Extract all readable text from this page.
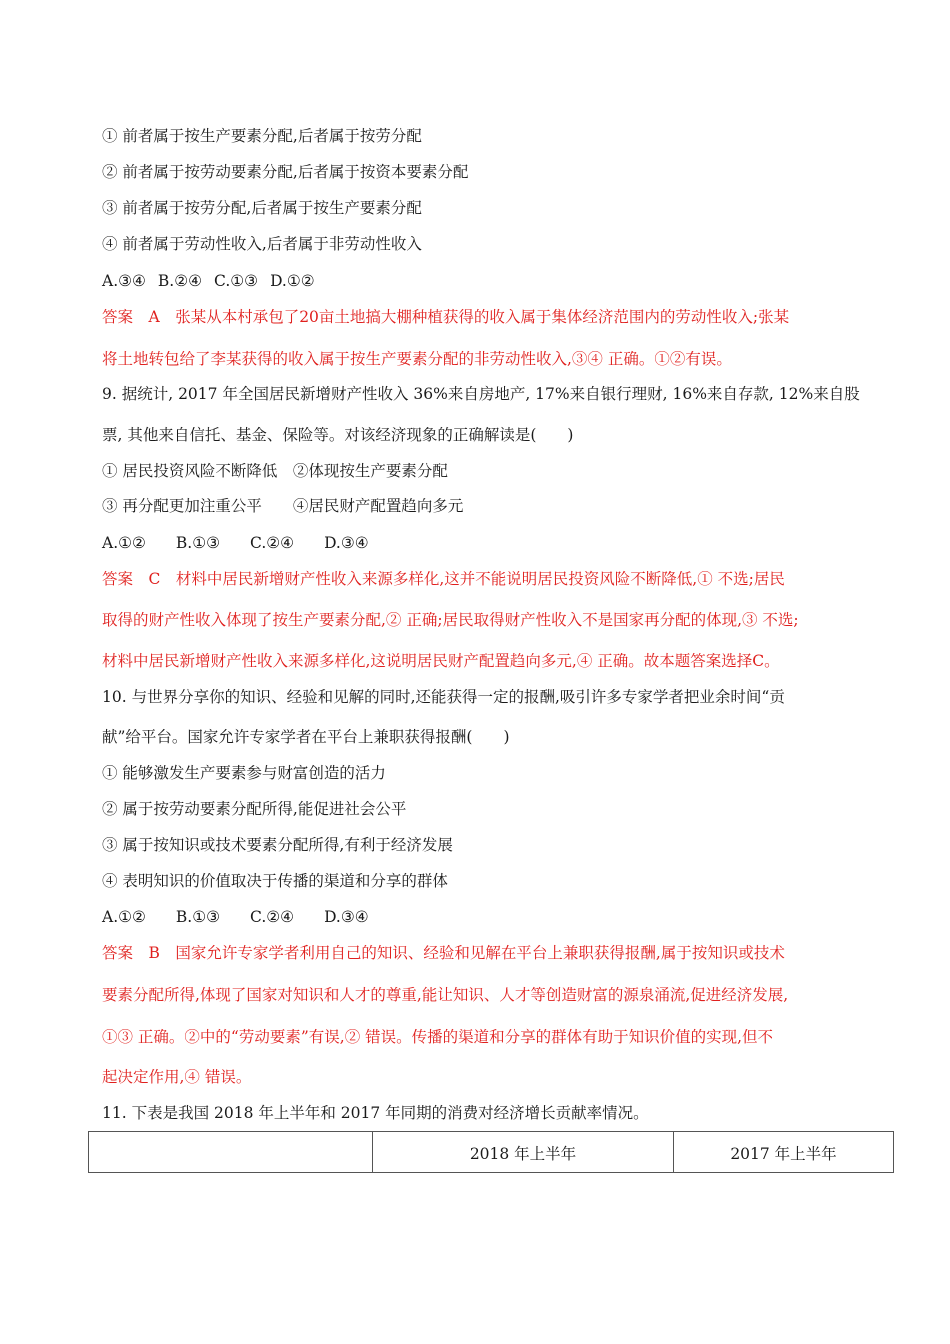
① 前者属于按生产要素分配,后者属于按劳分配
② 前者属于按劳动要素分配,后者属于按资本要素分配
③ 前者属于按劳分配,后者属于按生产要素分配
④ 前者属于劳动性收入,后者属于非劳动性收入
A.③④ B.②④ C.①③ D.①②
答案　A　张某从本村承包了20亩土地搞大棚种植获得的收入属于集体经济范围内的劳动性收入;张某
将土地转包给了李某获得的收入属于按生产要素分配的非劳动性收入,③④ 正确。①②有误。
9. 据统计, 2017 年全国居民新增财产性收入 36%来自房地产, 17%来自银行理财, 16%来自存款, 12%来自股
票, 其他来自信托、基金、保险等。对该经济现象的正确解读是(　　)
① 居民投资风险不断降低　②体现按生产要素分配
③ 再分配更加注重公平　　④居民财产配置趋向多元
A.①② B.①③ C.②④ D.③④
答案　C　材料中居民新增财产性收入来源多样化,这并不能说明居民投资风险不断降低,① 不选;居民
取得的财产性收入体现了按生产要素分配,② 正确;居民取得财产性收入不是国家再分配的体现,③ 不选;
材料中居民新增财产性收入来源多样化,这说明居民财产配置趋向多元,④ 正确。故本题答案选择C。
10. 与世界分享你的知识、经验和见解的同时,还能获得一定的报酬,吸引许多专家学者把业余时间“贡
献”给平台。国家允许专家学者在平台上兼职获得报酬(　　)
① 能够激发生产要素参与财富创造的活力
② 属于按劳动要素分配所得,能促进社会公平
③ 属于按知识或技术要素分配所得,有利于经济发展
④ 表明知识的价值取决于传播的渠道和分享的群体
A.①② B.①③ C.②④ D.③④
答案　B　国家允许专家学者利用自己的知识、经验和见解在平台上兼职获得报酬,属于按知识或技术
要素分配所得,体现了国家对知识和人才的尊重,能让知识、人才等创造财富的源泉涌流,促进经济发展,
①③ 正确。②中的“劳动要素”有误,② 错误。传播的渠道和分享的群体有助于知识价值的实现,但不
起决定作用,④ 错误。
11. 下表是我国 2018 年上半年和 2017 年同期的消费对经济增长贡献率情况。
2018 年上半年	2017 年上半年
